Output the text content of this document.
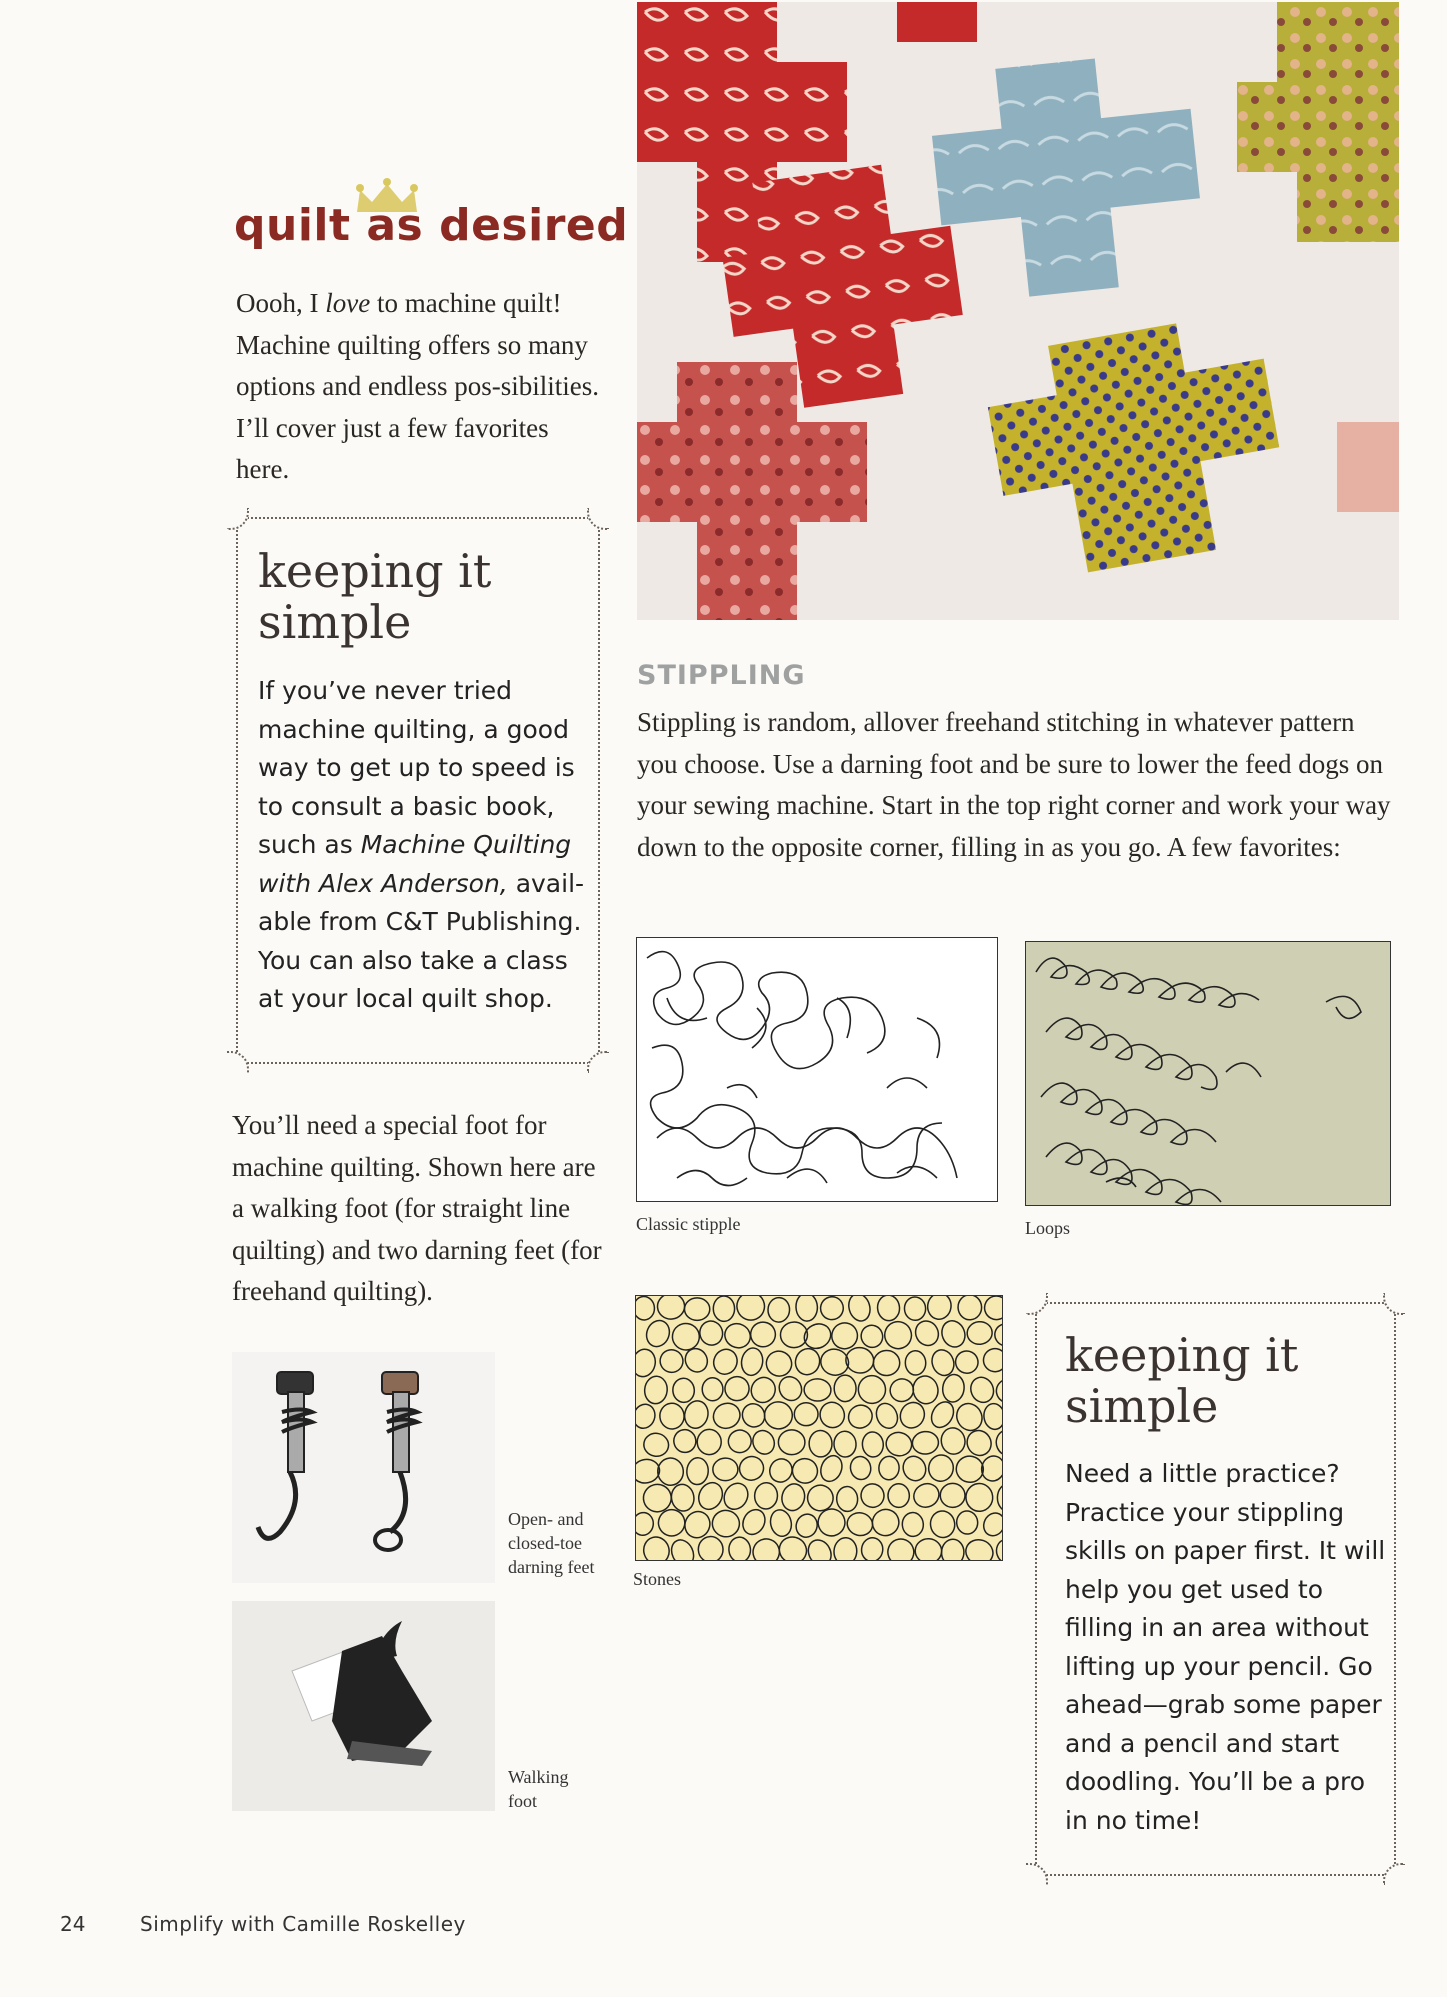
quilt as desired
Oooh, I love to machine quilt! Machine quilting offers so many options and endless pos-sibilities. I’ll cover just a few favorites here.
keeping it simple
If you’ve never tried machine quilting, a good way to get up to speed is to consult a basic book, such as Machine Quilting with Alex Anderson, avail-able from C&T Publishing. You can also take a class at your local quilt shop.
You’ll need a special foot for machine quilting. Shown here are a walking foot (for straight line quilting) and two darning feet (for freehand quilting).
Open- and closed-toe darning feet
Walking foot
STIPPLING
Stippling is random, allover freehand stitching in whatever pattern you choose. Use a darning foot and be sure to lower the feed dogs on your sewing machine. Start in the top right corner and work your way down to the opposite corner, filling in as you go. A few favorites:
Classic stipple	Loops
Stones
keeping it simple
Need a little practice? Practice your stippling skills on paper first. It will help you get used to filling in an area without lifting up your pencil. Go ahead—grab some paper and a pencil and start doodling. You’ll be a pro in no time!
24	Simplify with Camille Roskelley
